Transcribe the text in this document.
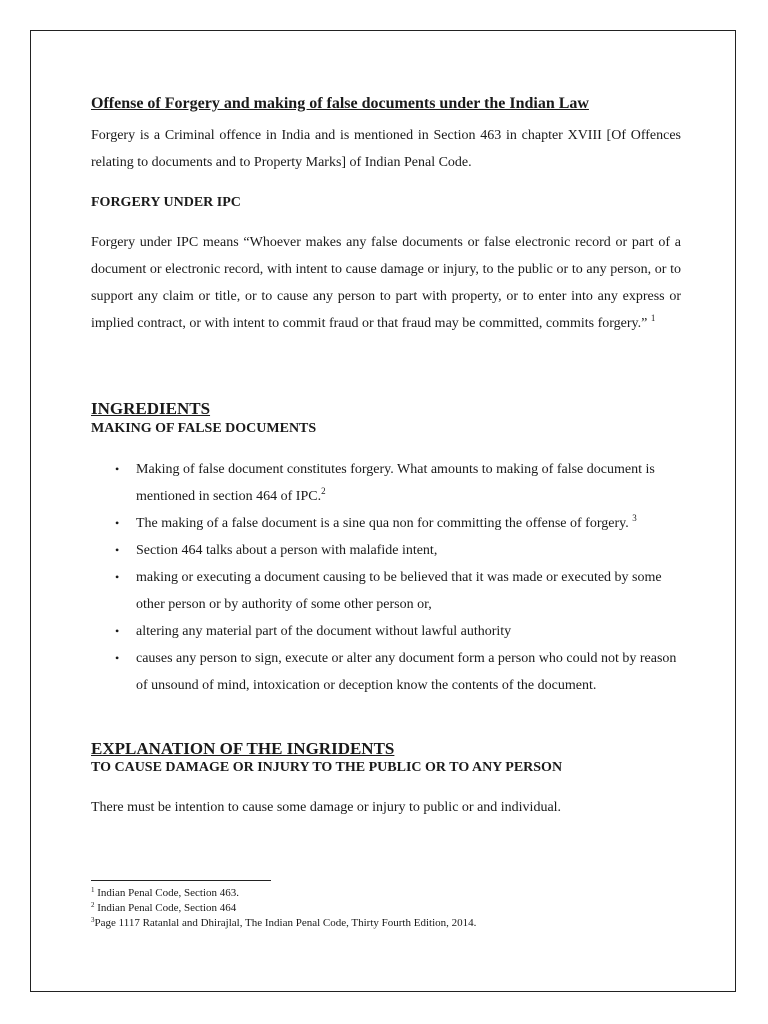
Offense of Forgery and making of false documents under the Indian Law

Forgery is a Criminal offence in India and is mentioned in Section 463 in chapter XVIII [Of Offences relating to documents and to Property Marks] of Indian Penal Code.

FORGERY UNDER IPC

Forgery under IPC means “Whoever makes any false documents or false electronic record or part of a document or electronic record, with intent to cause damage or injury, to the public or to any person, or to support any claim or title, or to cause any person to part with property, or to enter into any express or implied contract, or with intent to commit fraud or that fraud may be committed, commits forgery.” $^1$

INGREDIENTS
MAKING OF FALSE DOCUMENTS
• Making of false document constitutes forgery. What amounts to making of false document is mentioned in section 464 of IPC.$^2$
• The making of a false document is a sine qua non for committing the offense of forgery. $^3$
• Section 464 talks about a person with malafide intent,
• making or executing a document causing to be believed that it was made or executed by some other person or by authority of some other person or,
• altering any material part of the document without lawful authority
• causes any person to sign, execute or alter any document form a person who could not by reason of unsound of mind, intoxication or deception know the contents of the document.
EXPLANATION OF THE INGRIDENTS
TO CAUSE DAMAGE OR INJURY TO THE PUBLIC OR TO ANY PERSON
There must be intention to cause some damage or injury to public or and individual.
$^1$ Indian Penal Code, Section 463.
$^2$ Indian Penal Code, Section 464
$^3$Page 1117 Ratanlal and Dhirajlal, The Indian Penal Code, Thirty Fourth Edition, 2014.
